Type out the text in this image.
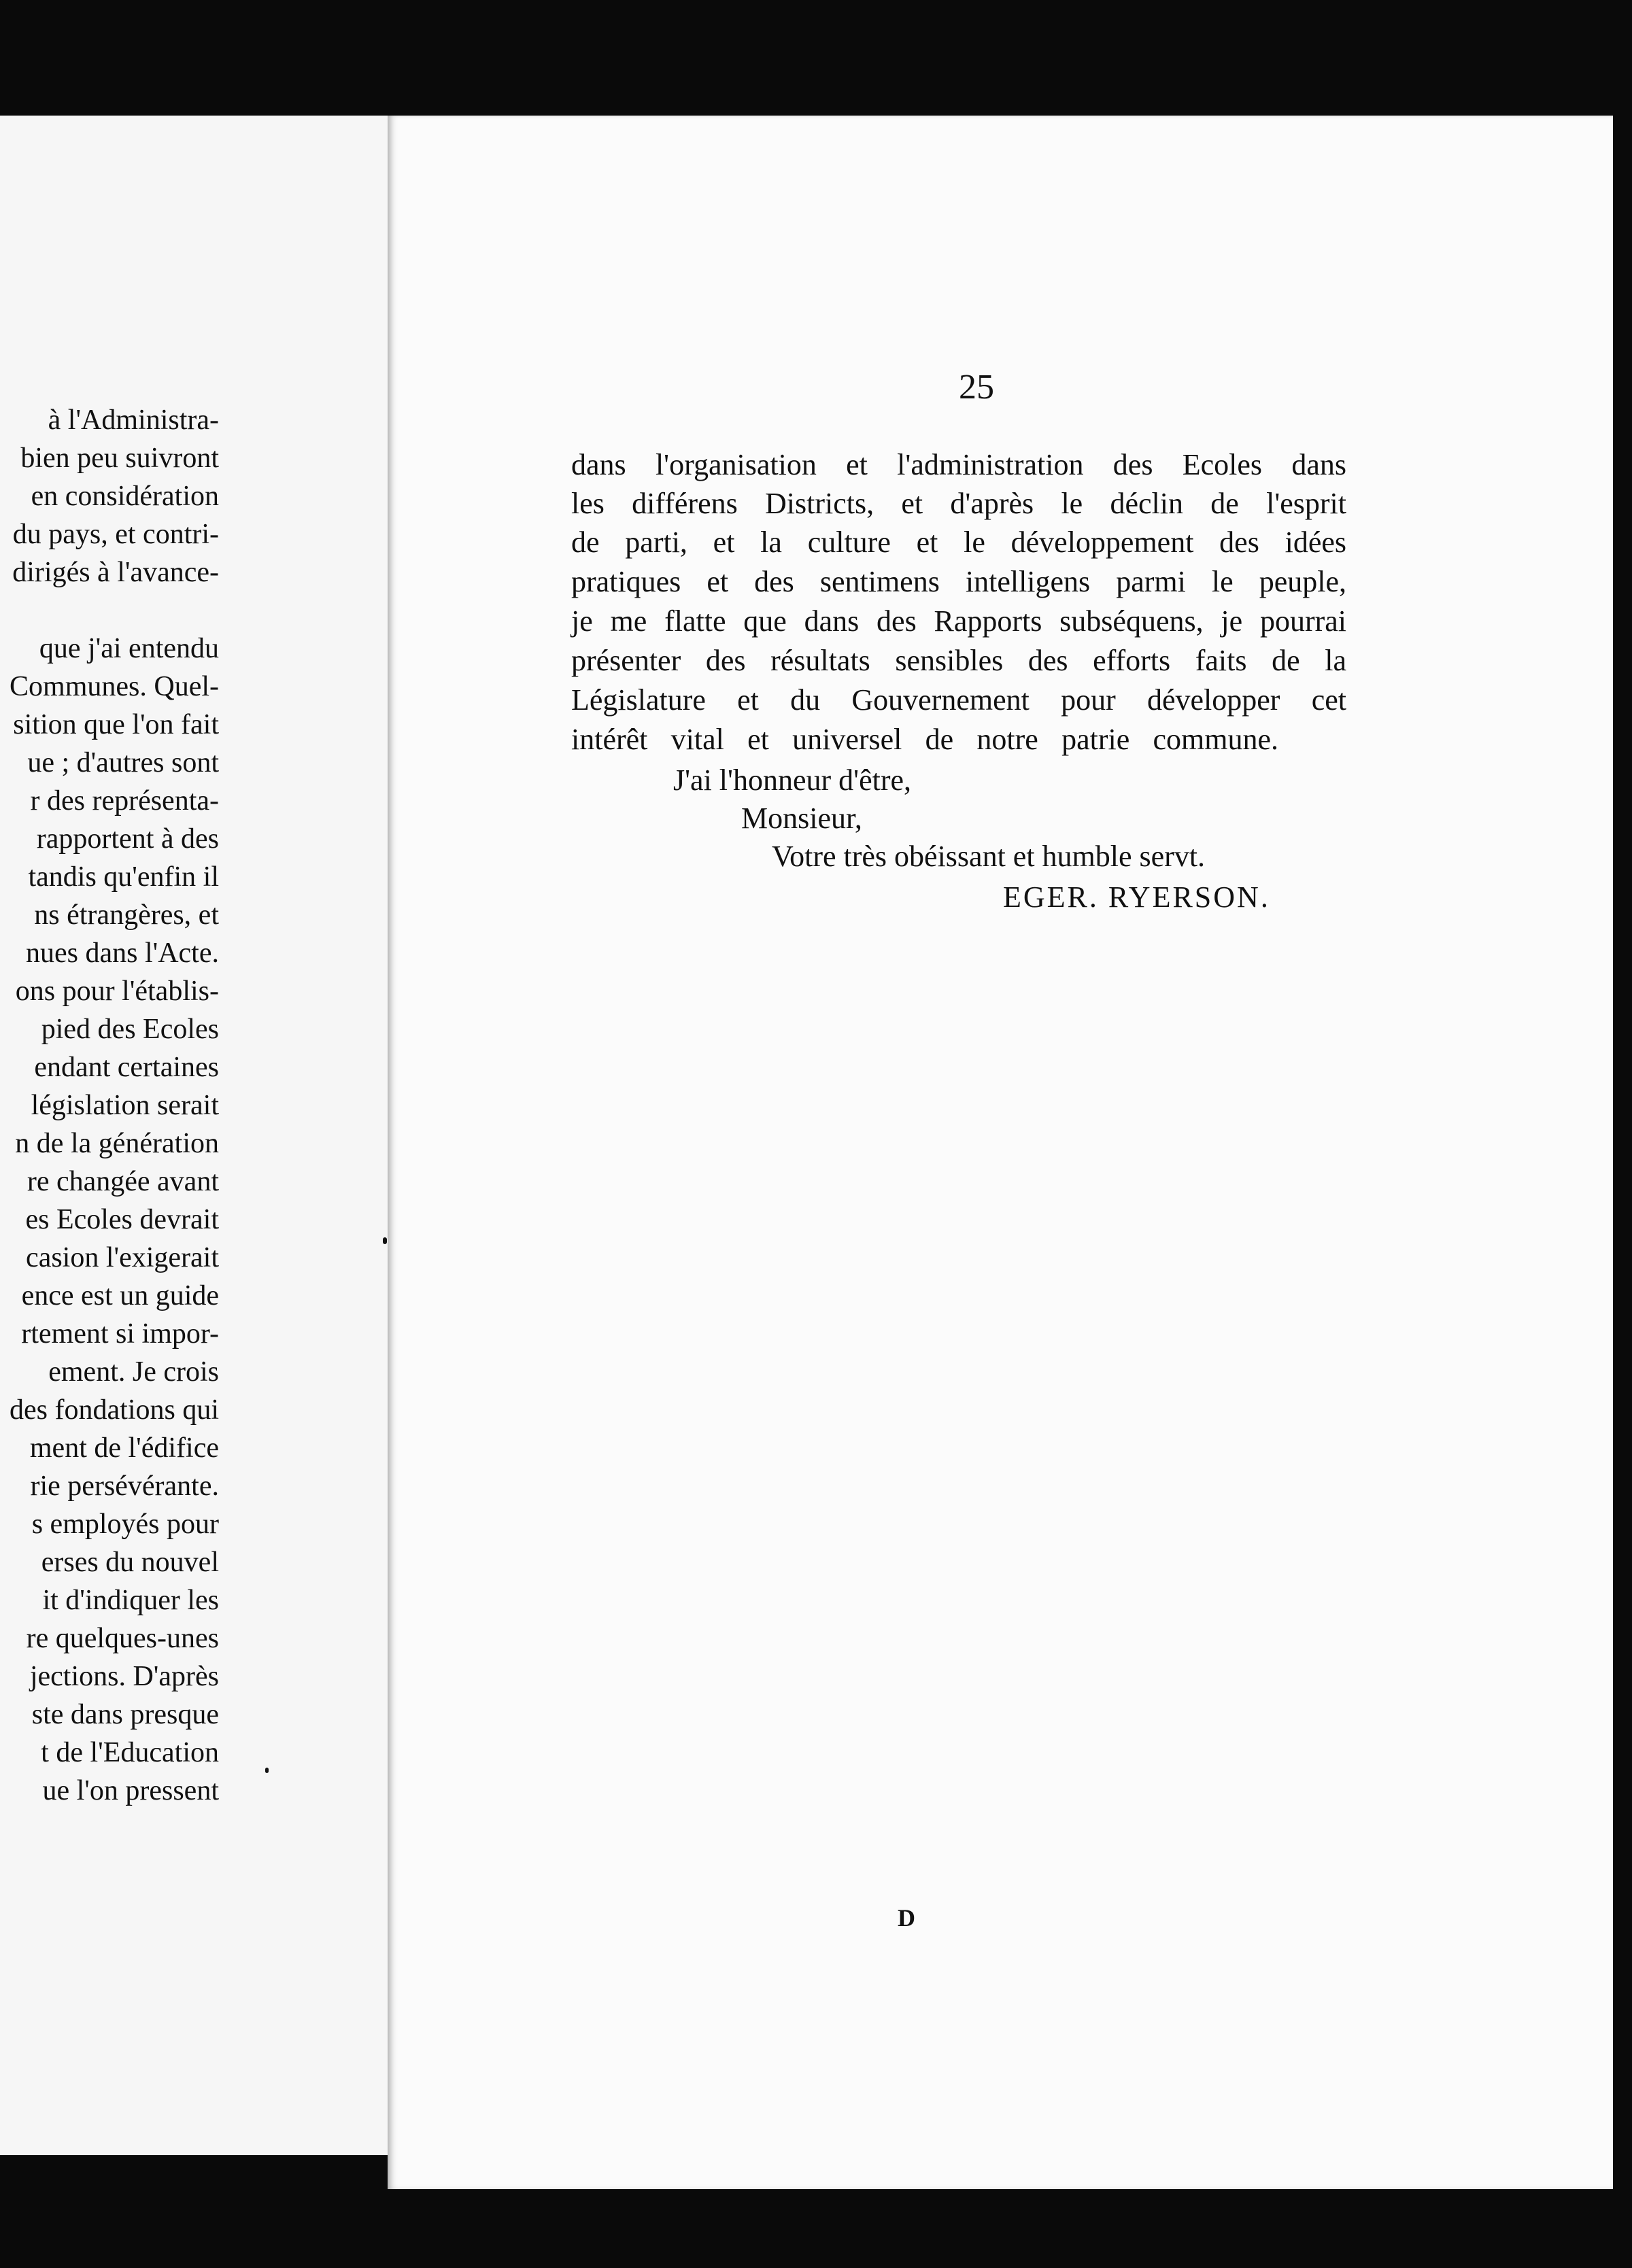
25
dans l'organisation et l'administration des Ecoles dans
les différens Districts, et d'après le déclin de l'esprit
de parti, et la culture et le développement des idées
pratiques et des sentimens intelligens parmi le peuple,
je me flatte que dans des Rapports subséquens, je pourrai
présenter des résultats sensibles des efforts faits de la
Législature et du Gouvernement pour développer cet
intérêt vital et universel de notre patrie commune.
J'ai l'honneur d'être,
Monsieur,
Votre très obéissant et humble servt.
EGER. RYERSON.
D
à l'Administra-
bien peu suivront
en considération
du pays, et contri-
dirigés à l'avance-
que j'ai entendu
Communes. Quel-
sition que l'on fait
ue ; d'autres sont
r des représenta-
rapportent à des
tandis qu'enfin il
ns étrangères, et
nues dans l'Acte.
ons pour l'établis-
pied des Ecoles
endant certaines
législation serait
n de la génération
re changée avant
es Ecoles devrait
casion l'exigerait
ence est un guide
rtement si impor-
ement. Je crois
des fondations qui
ment de l'édifice
rie persévérante.
s employés pour
erses du nouvel
it d'indiquer les
re quelques-unes
jections. D'après
ste dans presque
t de l'Education
ue l'on pressent
